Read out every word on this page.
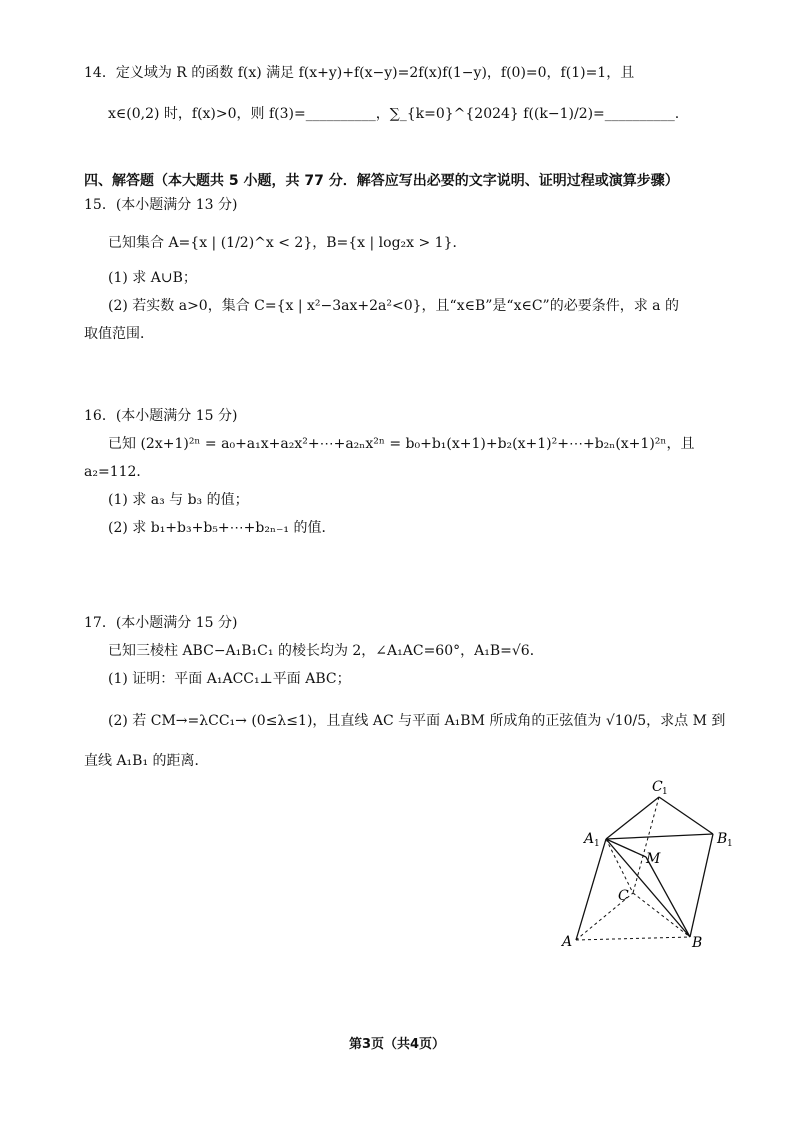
14．定义域为 R 的函数 f(x) 满足 f(x+y)+f(x−y)=2f(x)f(1−y)，f(0)=0，f(1)=1，且
x∈(0,2) 时，f(x)>0，则 f(3)=__________，∑_{k=0}^{2024} f((k−1)/2)=__________.
四、解答题（本大题共 5 小题，共 77 分．解答应写出必要的文字说明、证明过程或演算步骤）
15．(本小题满分 13 分)
已知集合 A={x | (1/2)^x < 2}，B={x | log₂x > 1}．
(1) 求 A∪B；
(2) 若实数 a>0，集合 C={x | x²−3ax+2a²<0}，且“x∈B”是“x∈C”的必要条件，求 a 的
取值范围．
16．(本小题满分 15 分)
已知 (2x+1)²ⁿ = a₀+a₁x+a₂x²+⋯+a₂ₙx²ⁿ = b₀+b₁(x+1)+b₂(x+1)²+⋯+b₂ₙ(x+1)²ⁿ，且
a₂=112．
(1) 求 a₃ 与 b₃ 的值；
(2) 求 b₁+b₃+b₅+⋯+b₂ₙ₋₁ 的值．
17．(本小题满分 15 分)
已知三棱柱 ABC−A₁B₁C₁ 的棱长均为 2，∠A₁AC=60°，A₁B=√6．
(1) 证明：平面 A₁ACC₁⊥平面 ABC；
(2) 若 CM→=λCC₁→ (0≤λ≤1)，且直线 AC 与平面 A₁BM 所成角的正弦值为 √10/5，求点 M 到
直线 A₁B₁ 的距离．
C 1
A 1	B 1
M
C
A	B
第3页（共4页）
